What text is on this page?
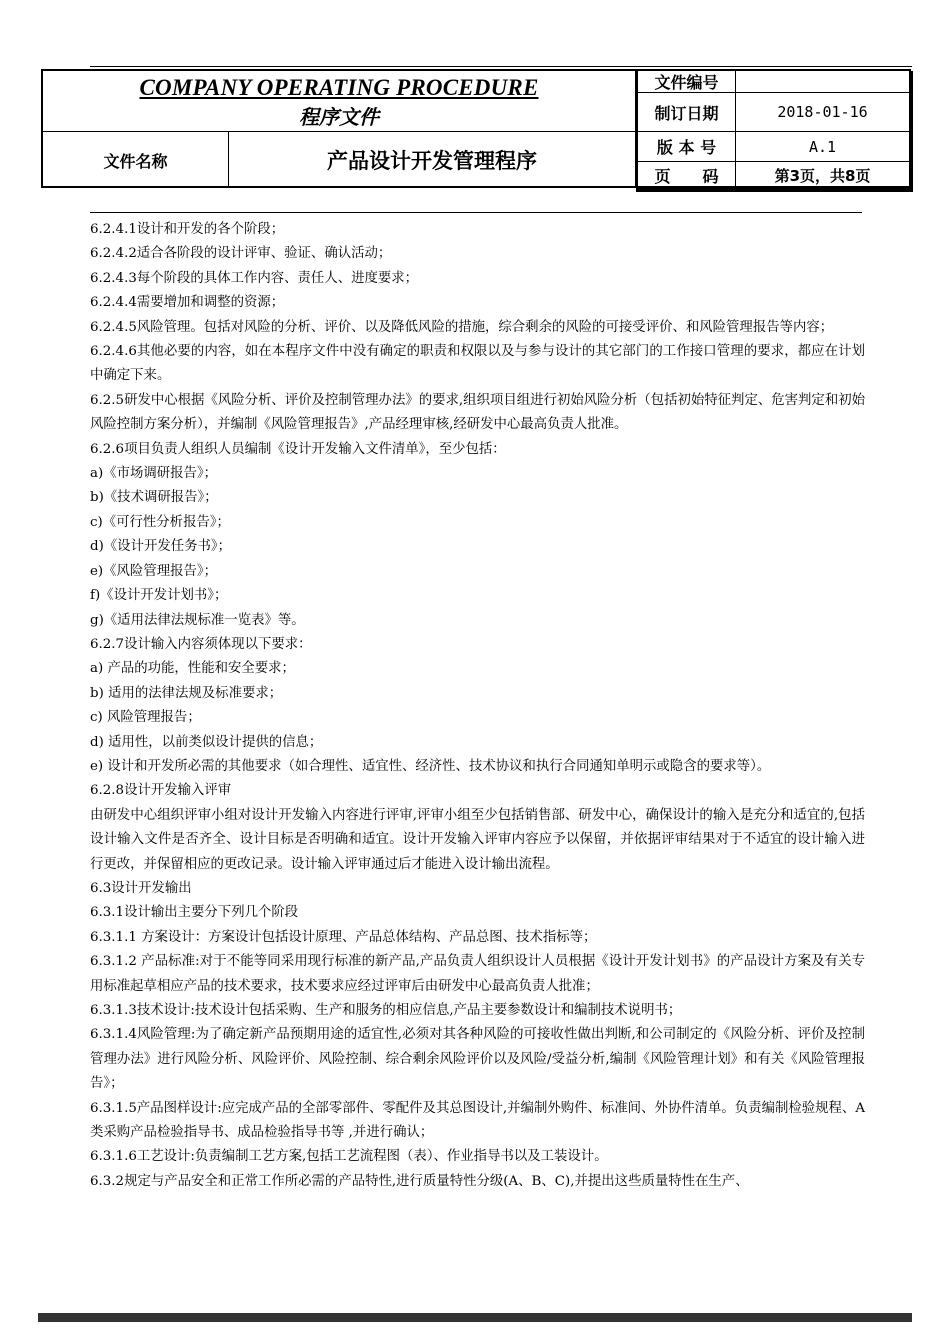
COMPANY OPERATING PROCEDURE
程序文件
文件名称	产品设计开发管理程序
文件编号
制订日期	2018-01-16
版 本 号	A.1
页　　码	第3页，共8页

6.2.4.1设计和开发的各个阶段；

6.2.4.2适合各阶段的设计评审、验证、确认活动；

6.2.4.3每个阶段的具体工作内容、责任人、进度要求；

6.2.4.4需要增加和调整的资源；

6.2.4.5风险管理。包括对风险的分析、评价、以及降低风险的措施，综合剩余的风险的可接受评价、和风险管理报告等内容；

6.2.4.6其他必要的内容，如在本程序文件中没有确定的职责和权限以及与参与设计的其它部门的工作接口管理的要求，都应在计划中确定下来。

6.2.5研发中心根据《风险分析、评价及控制管理办法》的要求,组织项目组进行初始风险分析（包括初始特征判定、危害判定和初始风险控制方案分析），并编制《风险管理报告》,产品经理审核,经研发中心最高负责人批准。

6.2.6项目负责人组织人员编制《设计开发输入文件清单》，至少包括：

a)《市场调研报告》；

b)《技术调研报告》；

c)《可行性分析报告》；

d)《设计开发任务书》；

e)《风险管理报告》；

f)《设计开发计划书》；

g)《适用法律法规标准一览表》等。

6.2.7设计输入内容须体现以下要求：

a) 产品的功能，性能和安全要求；

b) 适用的法律法规及标准要求；

c) 风险管理报告；

d) 适用性，以前类似设计提供的信息；

e) 设计和开发所必需的其他要求（如合理性、适宜性、经济性、技术协议和执行合同通知单明示或隐含的要求等）。

6.2.8设计开发输入评审

由研发中心组织评审小组对设计开发输入内容进行评审,评审小组至少包括销售部、研发中心，确保设计的输入是充分和适宜的,包括设计输入文件是否齐全、设计目标是否明确和适宜。设计开发输入评审内容应予以保留，并依据评审结果对于不适宜的设计输入进行更改，并保留相应的更改记录。设计输入评审通过后才能进入设计输出流程。

6.3设计开发输出

6.3.1设计输出主要分下列几个阶段

6.3.1.1 方案设计：方案设计包括设计原理、产品总体结构、产品总图、技术指标等；

6.3.1.2 产品标准:对于不能等同采用现行标准的新产品,产品负责人组织设计人员根据《设计开发计划书》的产品设计方案及有关专用标准起草相应产品的技术要求，技术要求应经过评审后由研发中心最高负责人批准；

6.3.1.3技术设计:技术设计包括采购、生产和服务的相应信息,产品主要参数设计和编制技术说明书；

6.3.1.4风险管理:为了确定新产品预期用途的适宜性,必须对其各种风险的可接收性做出判断,和公司制定的《风险分析、评价及控制管理办法》进行风险分析、风险评价、风险控制、综合剩余风险评价以及风险/受益分析,编制《风险管理计划》和有关《风险管理报告》；

6.3.1.5产品图样设计:应完成产品的全部零部件、零配件及其总图设计,并编制外购件、标准间、外协件清单。负责编制检验规程、A类采购产品检验指导书、成品检验指导书等 ,并进行确认；

6.3.1.6工艺设计:负责编制工艺方案,包括工艺流程图（表）、作业指导书以及工装设计。

6.3.2规定与产品安全和正常工作所必需的产品特性,进行质量特性分级(A、B、C),并提出这些质量特性在生产、
